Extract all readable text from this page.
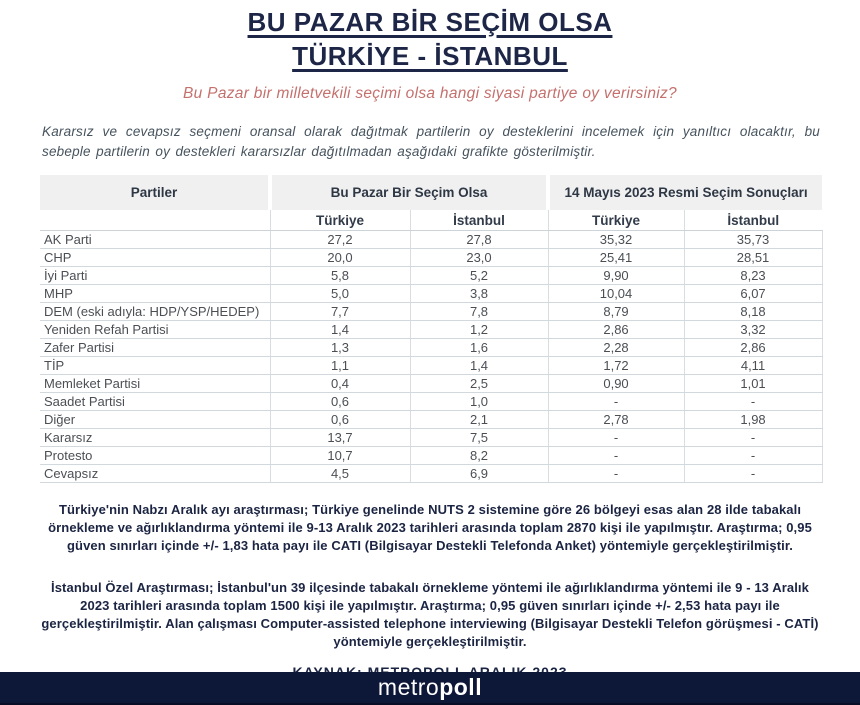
BU PAZAR BİR SEÇİM OLSA
TÜRKİYE - İSTANBUL
Bu Pazar bir milletvekili seçimi olsa hangi siyasi partiye oy verirsiniz?

Kararsız ve cevapsız seçmeni oransal olarak dağıtmak partilerin oy desteklerini incelemek için yanıltıcı olacaktır, bu sebeple partilerin oy destekleri kararsızlar dağıtılmadan aşağıdaki grafikte gösterilmiştir.

Partiler	Bu Pazar Bir Seçim Olsa		14 Mayıs 2023 Resmi Seçim Sonuçları	
	Türkiye	İstanbul	Türkiye	İstanbul
AK Parti	27,2	27,8	35,32	35,73
CHP	20,0	23,0	25,41	28,51
İyi Parti	5,8	5,2	9,90	8,23
MHP	5,0	3,8	10,04	6,07
DEM (eski adıyla: HDP/YSP/HEDEP)	7,7	7,8	8,79	8,18
Yeniden Refah Partisi	1,4	1,2	2,86	3,32
Zafer Partisi	1,3	1,6	2,28	2,86
TİP	1,1	1,4	1,72	4,11
Memleket Partisi	0,4	2,5	0,90	1,01
Saadet Partisi	0,6	1,0	-	-
Diğer	0,6	2,1	2,78	1,98
Kararsız	13,7	7,5	-	-
Protesto	10,7	8,2	-	-
Cevapsız	4,5	6,9	-	-

Türkiye'nin Nabzı Aralık ayı araştırması; Türkiye genelinde NUTS 2 sistemine göre 26 bölgeyi esas alan 28 ilde tabakalı örnekleme ve ağırlıklandırma yöntemi ile 9-13 Aralık 2023 tarihleri arasında toplam 2870 kişi ile yapılmıştır. Araştırma; 0,95 güven sınırları içinde +/- 1,83 hata payı ile CATI (Bilgisayar Destekli Telefonda Anket) yöntemiyle gerçekleştirilmiştir.

İstanbul Özel Araştırması; İstanbul'un 39 ilçesinde tabakalı örnekleme yöntemi ile ağırlıklandırma yöntemi ile 9 - 13 Aralık 2023 tarihleri arasında toplam 1500 kişi ile yapılmıştır. Araştırma; 0,95 güven sınırları içinde +/- 2,53 hata payı ile gerçekleştirilmiştir. Alan çalışması Computer-assisted telephone interviewing (Bilgisayar Destekli Telefon görüşmesi - CATİ) yöntemiyle gerçekleştirilmiştir.

metropoll
